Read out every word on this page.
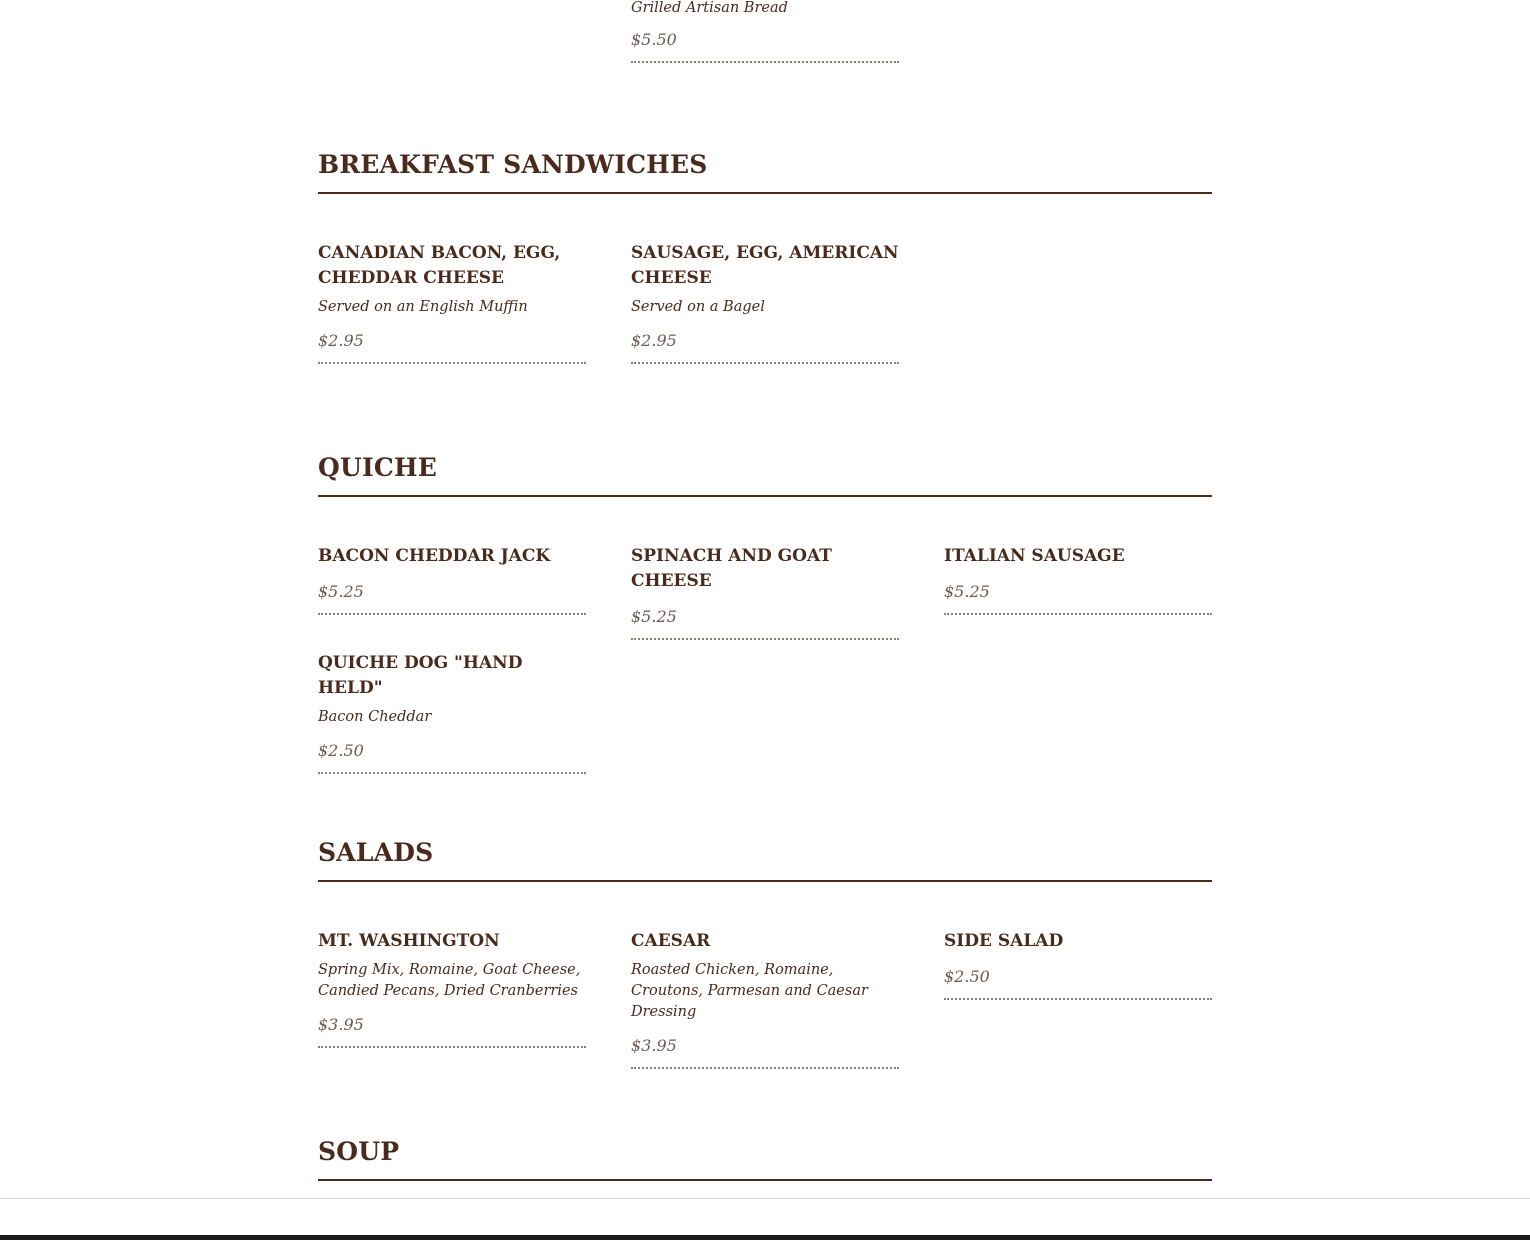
Grilled Artisan Bread
$5.50
BREAKFAST SANDWICHES
CANADIAN BACON, EGG, CHEDDAR CHEESE
Served on an English Muffin
$2.95
SAUSAGE, EGG, AMERICAN CHEESE
Served on a Bagel
$2.95
QUICHE
BACON CHEDDAR JACK
$5.25
SPINACH AND GOAT CHEESE
$5.25
ITALIAN SAUSAGE
$5.25
QUICHE DOG "HAND HELD"
Bacon Cheddar
$2.50
SALADS
MT. WASHINGTON
Spring Mix, Romaine, Goat Cheese, Candied Pecans, Dried Cranberries
$3.95
CAESAR
Roasted Chicken, Romaine, Croutons, Parmesan and Caesar Dressing
$3.95
SIDE SALAD
$2.50
SOUP
